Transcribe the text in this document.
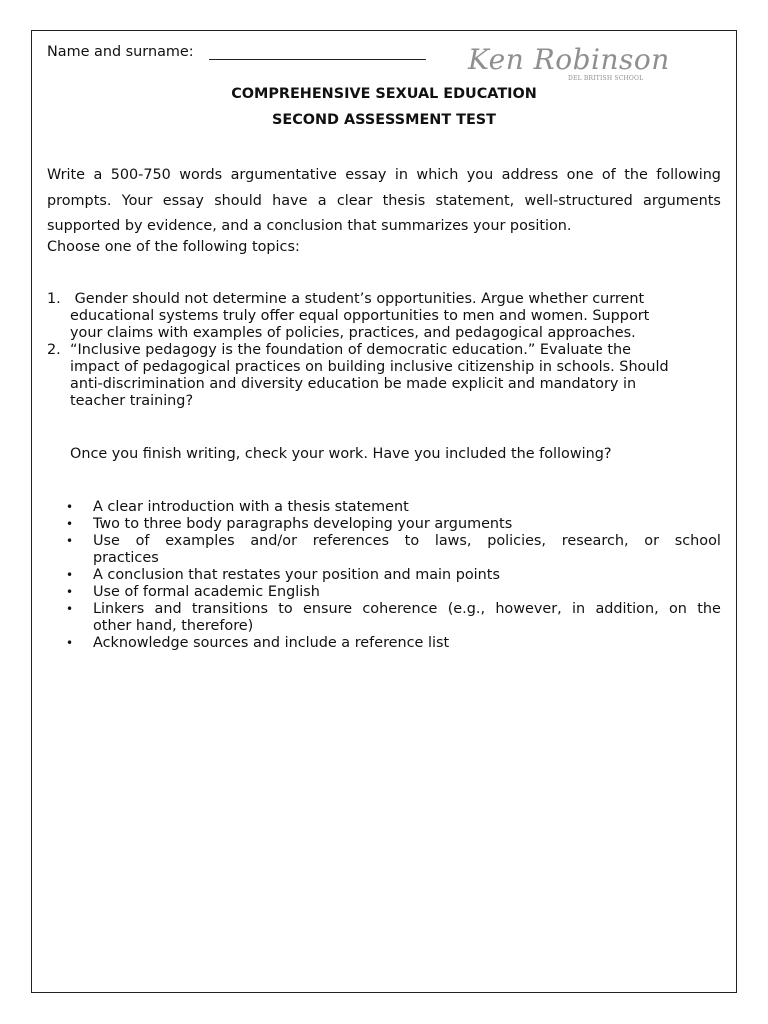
Name and surname:	Ken Robinson
DEL BRITISH SCHOOL
COMPREHENSIVE SEXUAL EDUCATION
SECOND ASSESSMENT TEST
Write a 500-750 words argumentative essay in which you address one of the following
prompts. Your essay should have a clear thesis statement, well-structured arguments
supported by evidence, and a conclusion that summarizes your position.
Choose one of the following topics:
1. Gender should not determine a student’s opportunities. Argue whether current
educational systems truly offer equal opportunities to men and women. Support
your claims with examples of policies, practices, and pedagogical approaches.
2. “Inclusive pedagogy is the foundation of democratic education.” Evaluate the
impact of pedagogical practices on building inclusive citizenship in schools. Should
anti-discrimination and diversity education be made explicit and mandatory in
teacher training?
Once you finish writing, check your work. Have you included the following?
• A clear introduction with a thesis statement
• Two to three body paragraphs developing your arguments
• Use of examples and/or references to laws, policies, research, or school
practices
• A conclusion that restates your position and main points
• Use of formal academic English
• Linkers and transitions to ensure coherence (e.g., however, in addition, on the
other hand, therefore)
• Acknowledge sources and include a reference list
